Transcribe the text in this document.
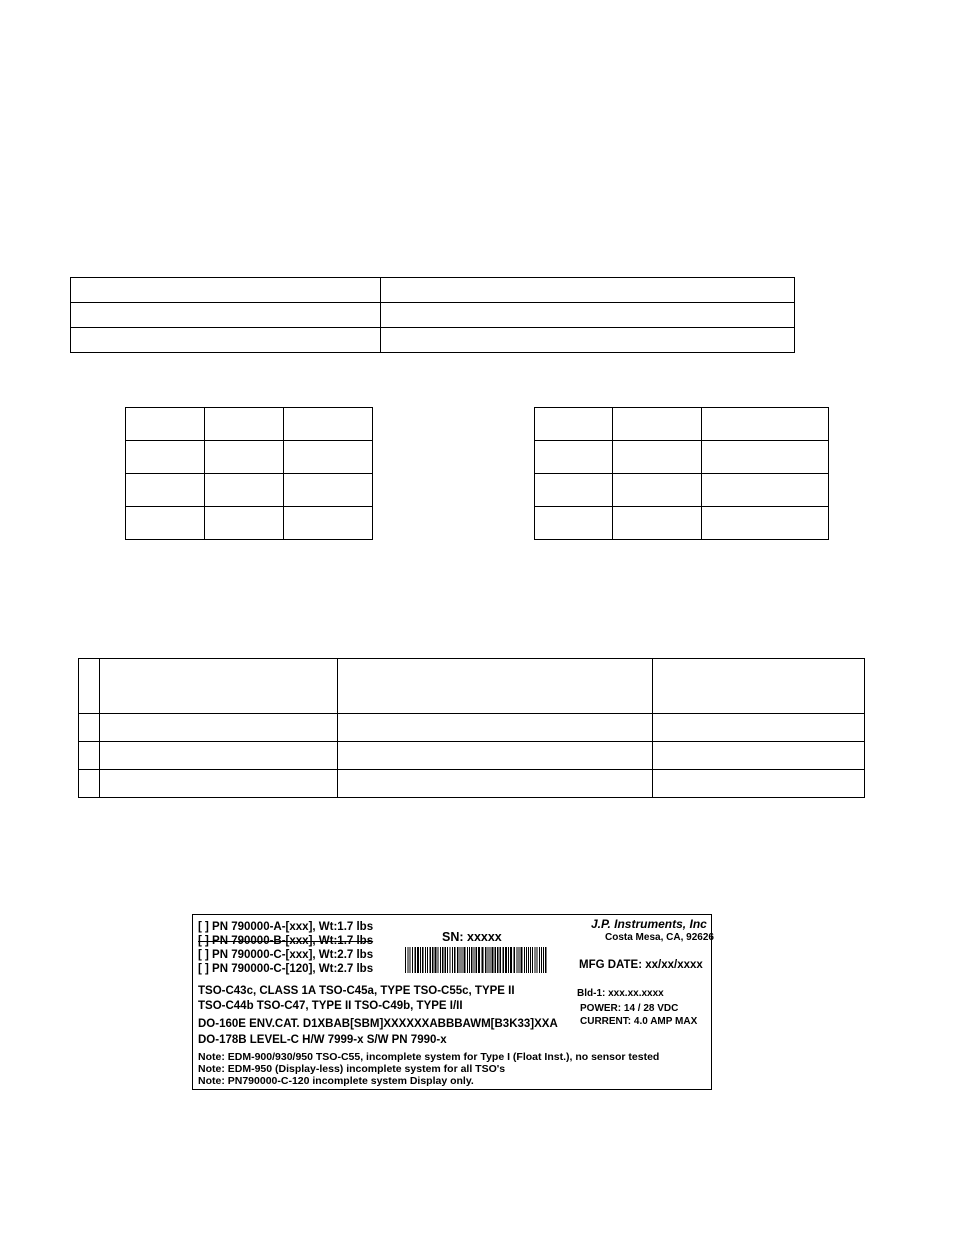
[ ] PN 790000-A-[xxx], Wt:1.7 lbs
[ ] PN 790000-B-[xxx], Wt:1.7 lbs
[ ] PN 790000-C-[xxx], Wt:2.7 lbs
[ ] PN 790000-C-[120], Wt:2.7 lbs
SN: xxxxx
J.P. Instruments, Inc
Costa Mesa, CA, 92626
MFG DATE: xx/xx/xxxx
TSO-C43c, CLASS 1A TSO-C45a, TYPE TSO-C55c, TYPE II	Bld-1: xxx.xx.xxxx
TSO-C44b TSO-C47, TYPE II TSO-C49b, TYPE I/II	POWER: 14 / 28 VDC
DO-160E ENV.CAT. D1XBAB[SBM]XXXXXXABBBAWM[B3K33]XXA CURRENT: 4.0 AMP MAX
DO-178B LEVEL-C H/W 7999-x S/W PN 7990-x
Note: EDM-900/930/950 TSO-C55, incomplete system for Type I (Float Inst.), no sensor tested
Note: EDM-950 (Display-less) incomplete system for all TSO's
Note: PN790000-C-120 incomplete system Display only.
